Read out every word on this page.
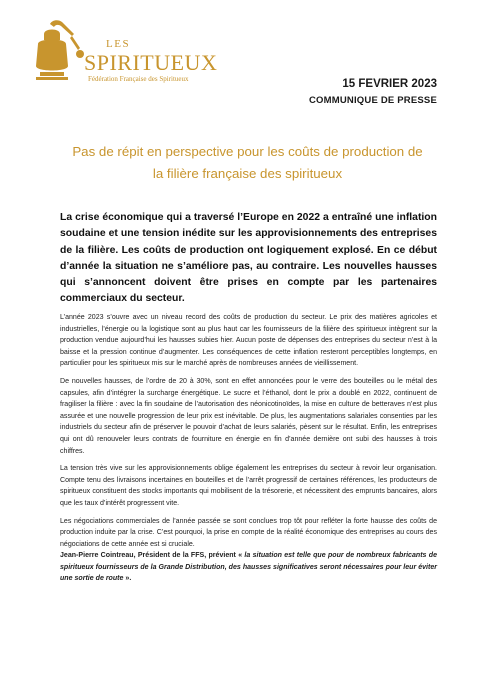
LES
SPIRITUEUX
Fédération Française des Spiritueux	15 FEVRIER 2023
COMMUNIQUE DE PRESSE
Pas de répit en perspective pour les coûts de production de
la filière française des spiritueux
La crise économique qui a traversé l’Europe en 2022 a entraîné une inflation soudaine et une tension inédite sur les approvisionnements des entreprises de la filière. Les coûts de production ont logiquement explosé. En ce début d’année la situation ne s’améliore pas, au contraire. Les nouvelles hausses qui s’annoncent doivent être prises en compte par les partenaires commerciaux du secteur.

L’année 2023 s’ouvre avec un niveau record des coûts de production du secteur. Le prix des matières agricoles et industrielles, l’énergie ou la logistique sont au plus haut car les fournisseurs de la filière des spiritueux intègrent sur la production vendue aujourd’hui les hausses subies hier. Aucun poste de dépenses des entreprises du secteur n’est à la baisse et la pression continue d’augmenter. Les conséquences de cette inflation resteront perceptibles longtemps, en particulier pour les spiritueux mis sur le marché après de nombreuses années de vieillissement.

De nouvelles hausses, de l’ordre de 20 à 30%, sont en effet annoncées pour le verre des bouteilles ou le métal des capsules, afin d’intégrer la surcharge énergétique. Le sucre et l’éthanol, dont le prix a doublé en 2022, continuent de fragiliser la filière : avec la fin soudaine de l’autorisation des néonicotinoïdes, la mise en culture de betteraves n’est plus assurée et une nouvelle progression de leur prix est inévitable. De plus, les augmentations salariales consenties par les industriels du secteur afin de préserver le pouvoir d’achat de leurs salariés, pèsent sur le résultat. Enfin, les entreprises qui ont dû renouveler leurs contrats de fourniture en énergie en fin d’année dernière ont subi des hausses à trois chiffres.

La tension très vive sur les approvisionnements oblige également les entreprises du secteur à revoir leur organisation. Compte tenu des livraisons incertaines en bouteilles et de l’arrêt progressif de certaines références, les producteurs de spiritueux constituent des stocks importants qui mobilisent de la trésorerie, et nécessitent des emprunts bancaires, alors que les taux d’intérêt progressent vite.

Les négociations commerciales de l’année passée se sont conclues trop tôt pour refléter la forte hausse des coûts de production induite par la crise. C’est pourquoi, la prise en compte de la réalité économique des entreprises au cours des négociations de cette année est si cruciale.

Jean-Pierre Cointreau, Président de la FFS, prévient « la situation est telle que pour de nombreux fabricants de spiritueux fournisseurs de la Grande Distribution, des hausses significatives seront nécessaires pour leur éviter une sortie de route ».
